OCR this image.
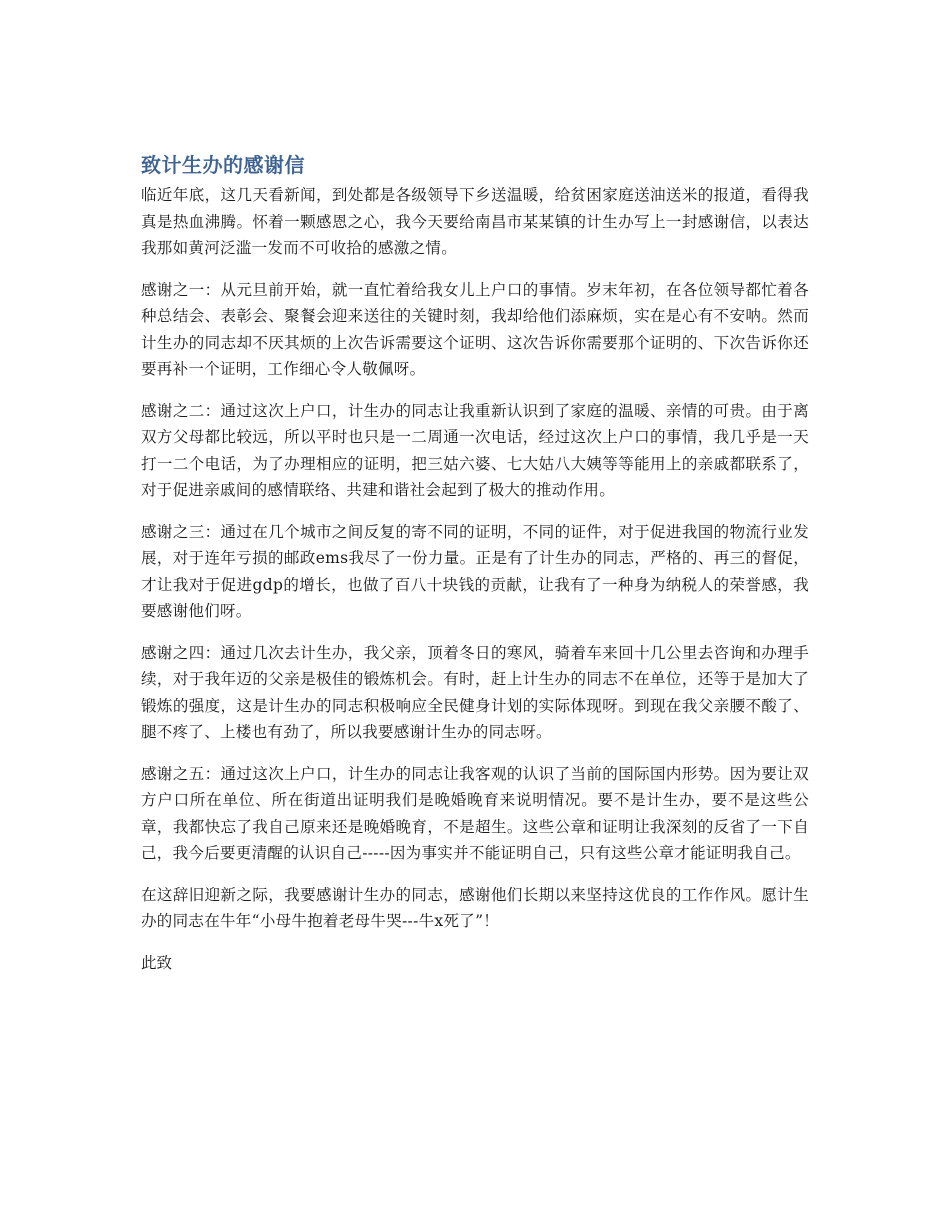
致计生办的感谢信

临近年底，这几天看新闻，到处都是各级领导下乡送温暖，给贫困家庭送油送米的报道，看得我真是热血沸腾。怀着一颗感恩之心，我今天要给南昌市某某镇的计生办写上一封感谢信，以表达我那如黄河泛滥一发而不可收拾的感激之情。

感谢之一：从元旦前开始，就一直忙着给我女儿上户口的事情。岁末年初，在各位领导都忙着各种总结会、表彰会、聚餐会迎来送往的关键时刻，我却给他们添麻烦，实在是心有不安呐。然而计生办的同志却不厌其烦的上次告诉需要这个证明、这次告诉你需要那个证明的、下次告诉你还要再补一个证明，工作细心令人敬佩呀。

感谢之二：通过这次上户口，计生办的同志让我重新认识到了家庭的温暖、亲情的可贵。由于离双方父母都比较远，所以平时也只是一二周通一次电话，经过这次上户口的事情，我几乎是一天打一二个电话，为了办理相应的证明，把三姑六婆、七大姑八大姨等等能用上的亲戚都联系了，对于促进亲戚间的感情联络、共建和谐社会起到了极大的推动作用。

感谢之三：通过在几个城市之间反复的寄不同的证明，不同的证件，对于促进我国的物流行业发展，对于连年亏损的邮政ems我尽了一份力量。正是有了计生办的同志，严格的、再三的督促，才让我对于促进gdp的增长，也做了百八十块钱的贡献，让我有了一种身为纳税人的荣誉感，我要感谢他们呀。

感谢之四：通过几次去计生办，我父亲，顶着冬日的寒风，骑着车来回十几公里去咨询和办理手续，对于我年迈的父亲是极佳的锻炼机会。有时，赶上计生办的同志不在单位，还等于是加大了锻炼的强度，这是计生办的同志积极响应全民健身计划的实际体现呀。到现在我父亲腰不酸了、腿不疼了、上楼也有劲了，所以我要感谢计生办的同志呀。

感谢之五：通过这次上户口，计生办的同志让我客观的认识了当前的国际国内形势。因为要让双方户口所在单位、所在街道出证明我们是晚婚晚育来说明情况。要不是计生办，要不是这些公章，我都快忘了我自己原来还是晚婚晚育，不是超生。这些公章和证明让我深刻的反省了一下自己，我今后要更清醒的认识自己-----因为事实并不能证明自己，只有这些公章才能证明我自己。

在这辞旧迎新之际，我要感谢计生办的同志，感谢他们长期以来坚持这优良的工作作风。愿计生办的同志在牛年“小母牛抱着老母牛哭---牛x死了”！

此致
